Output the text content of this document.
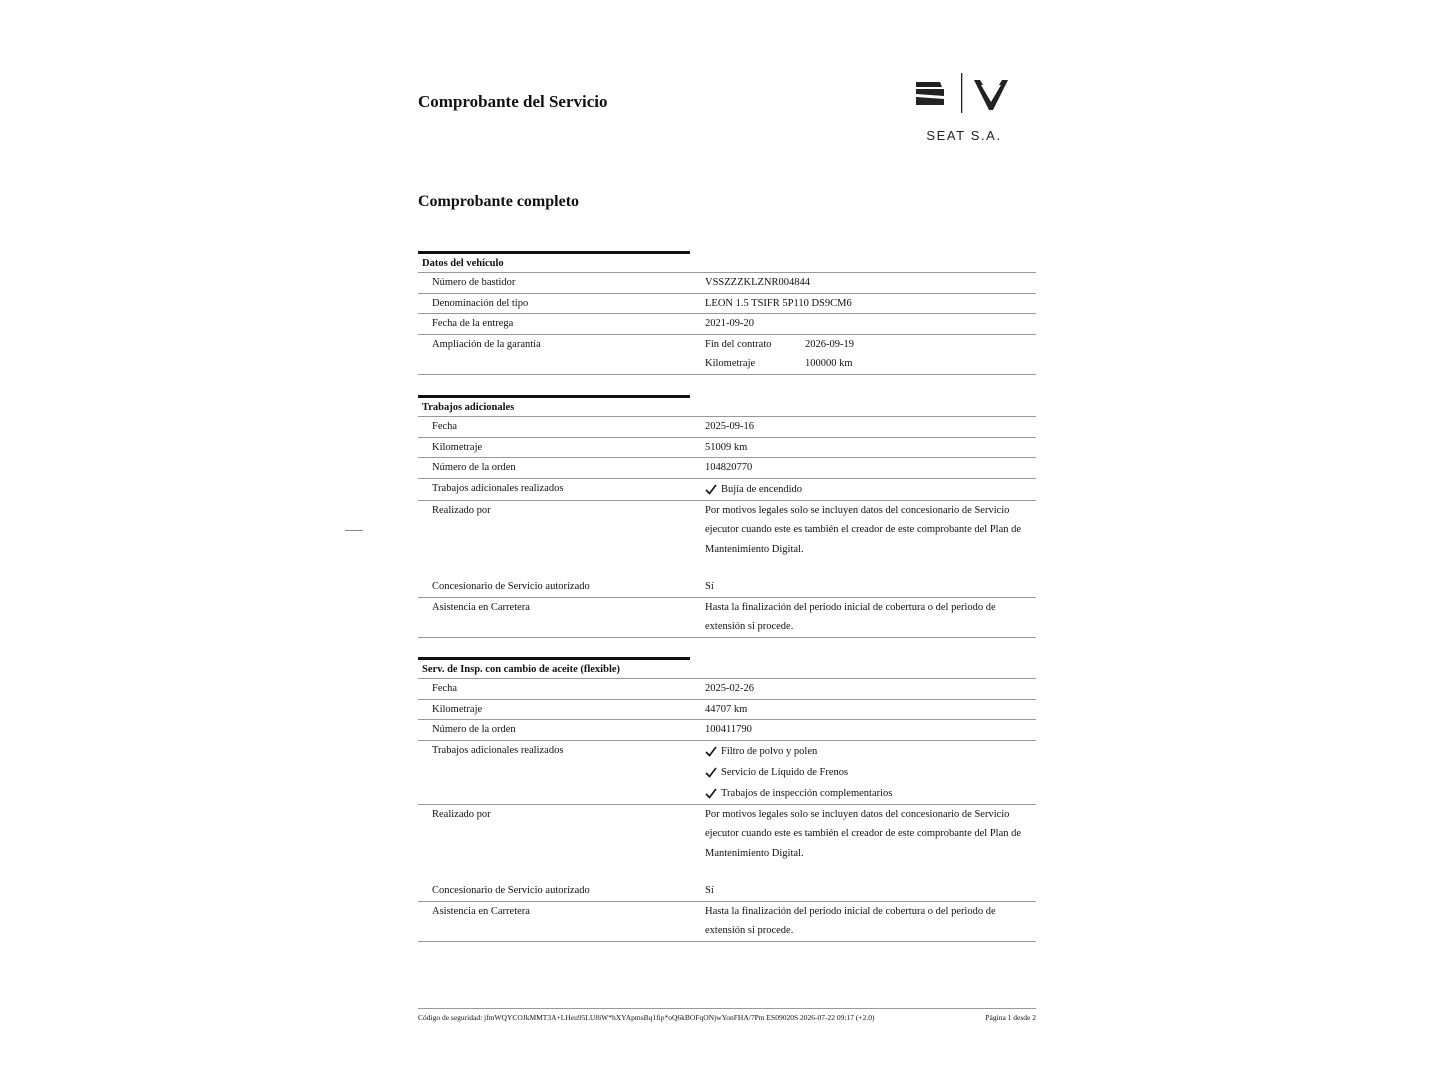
Comprobante del Servicio
SEAT S.A.
Comprobante completo
Datos del vehículo
Número de bastidor	VSSZZZKLZNR004844
Denominación del tipo	LEON 1.5 TSIFR 5P110 DS9CM6
Fecha de la entrega	2021-09-20
Ampliación de la garantía	Fin del contrato	2026-09-19
Kilometraje	100000 km
Trabajos adicionales
Fecha	2025-09-16
Kilometraje	51009 km
Número de la orden	104820770
Trabajos adicionales realizados	Bujía de encendido
Realizado por	Por motivos legales solo se incluyen datos del concesionario de Servicio ejecutor cuando este es también el creador de este comprobante del Plan de Mantenimiento Digital.
Concesionario de Servicio autorizado	Sí
Asistencia en Carretera	Hasta la finalización del periodo inicial de cobertura o del periodo de extensión si procede.
Serv. de Insp. con cambio de aceite (flexible)
Fecha	2025-02-26
Kilometraje	44707 km
Número de la orden	100411790
Trabajos adicionales realizados	Filtro de polvo y polen
Servicio de Líquido de Frenos
Trabajos de inspección complementarios
Realizado por	Por motivos legales solo se incluyen datos del concesionario de Servicio ejecutor cuando este es también el creador de este comprobante del Plan de Mantenimiento Digital.
Concesionario de Servicio autorizado	Sí
Asistencia en Carretera	Hasta la finalización del periodo inicial de cobertura o del periodo de extensión si procede.
Código de seguridad: jfmWQYCOJkMMT3A+LHeu95LU8iW*hXYApmsBq1fip*oQ6kBOFqONjwYonFHA/7Pm ES09020S 2026-07-22 09:17 (+2.0)	Página 1 desde 2
